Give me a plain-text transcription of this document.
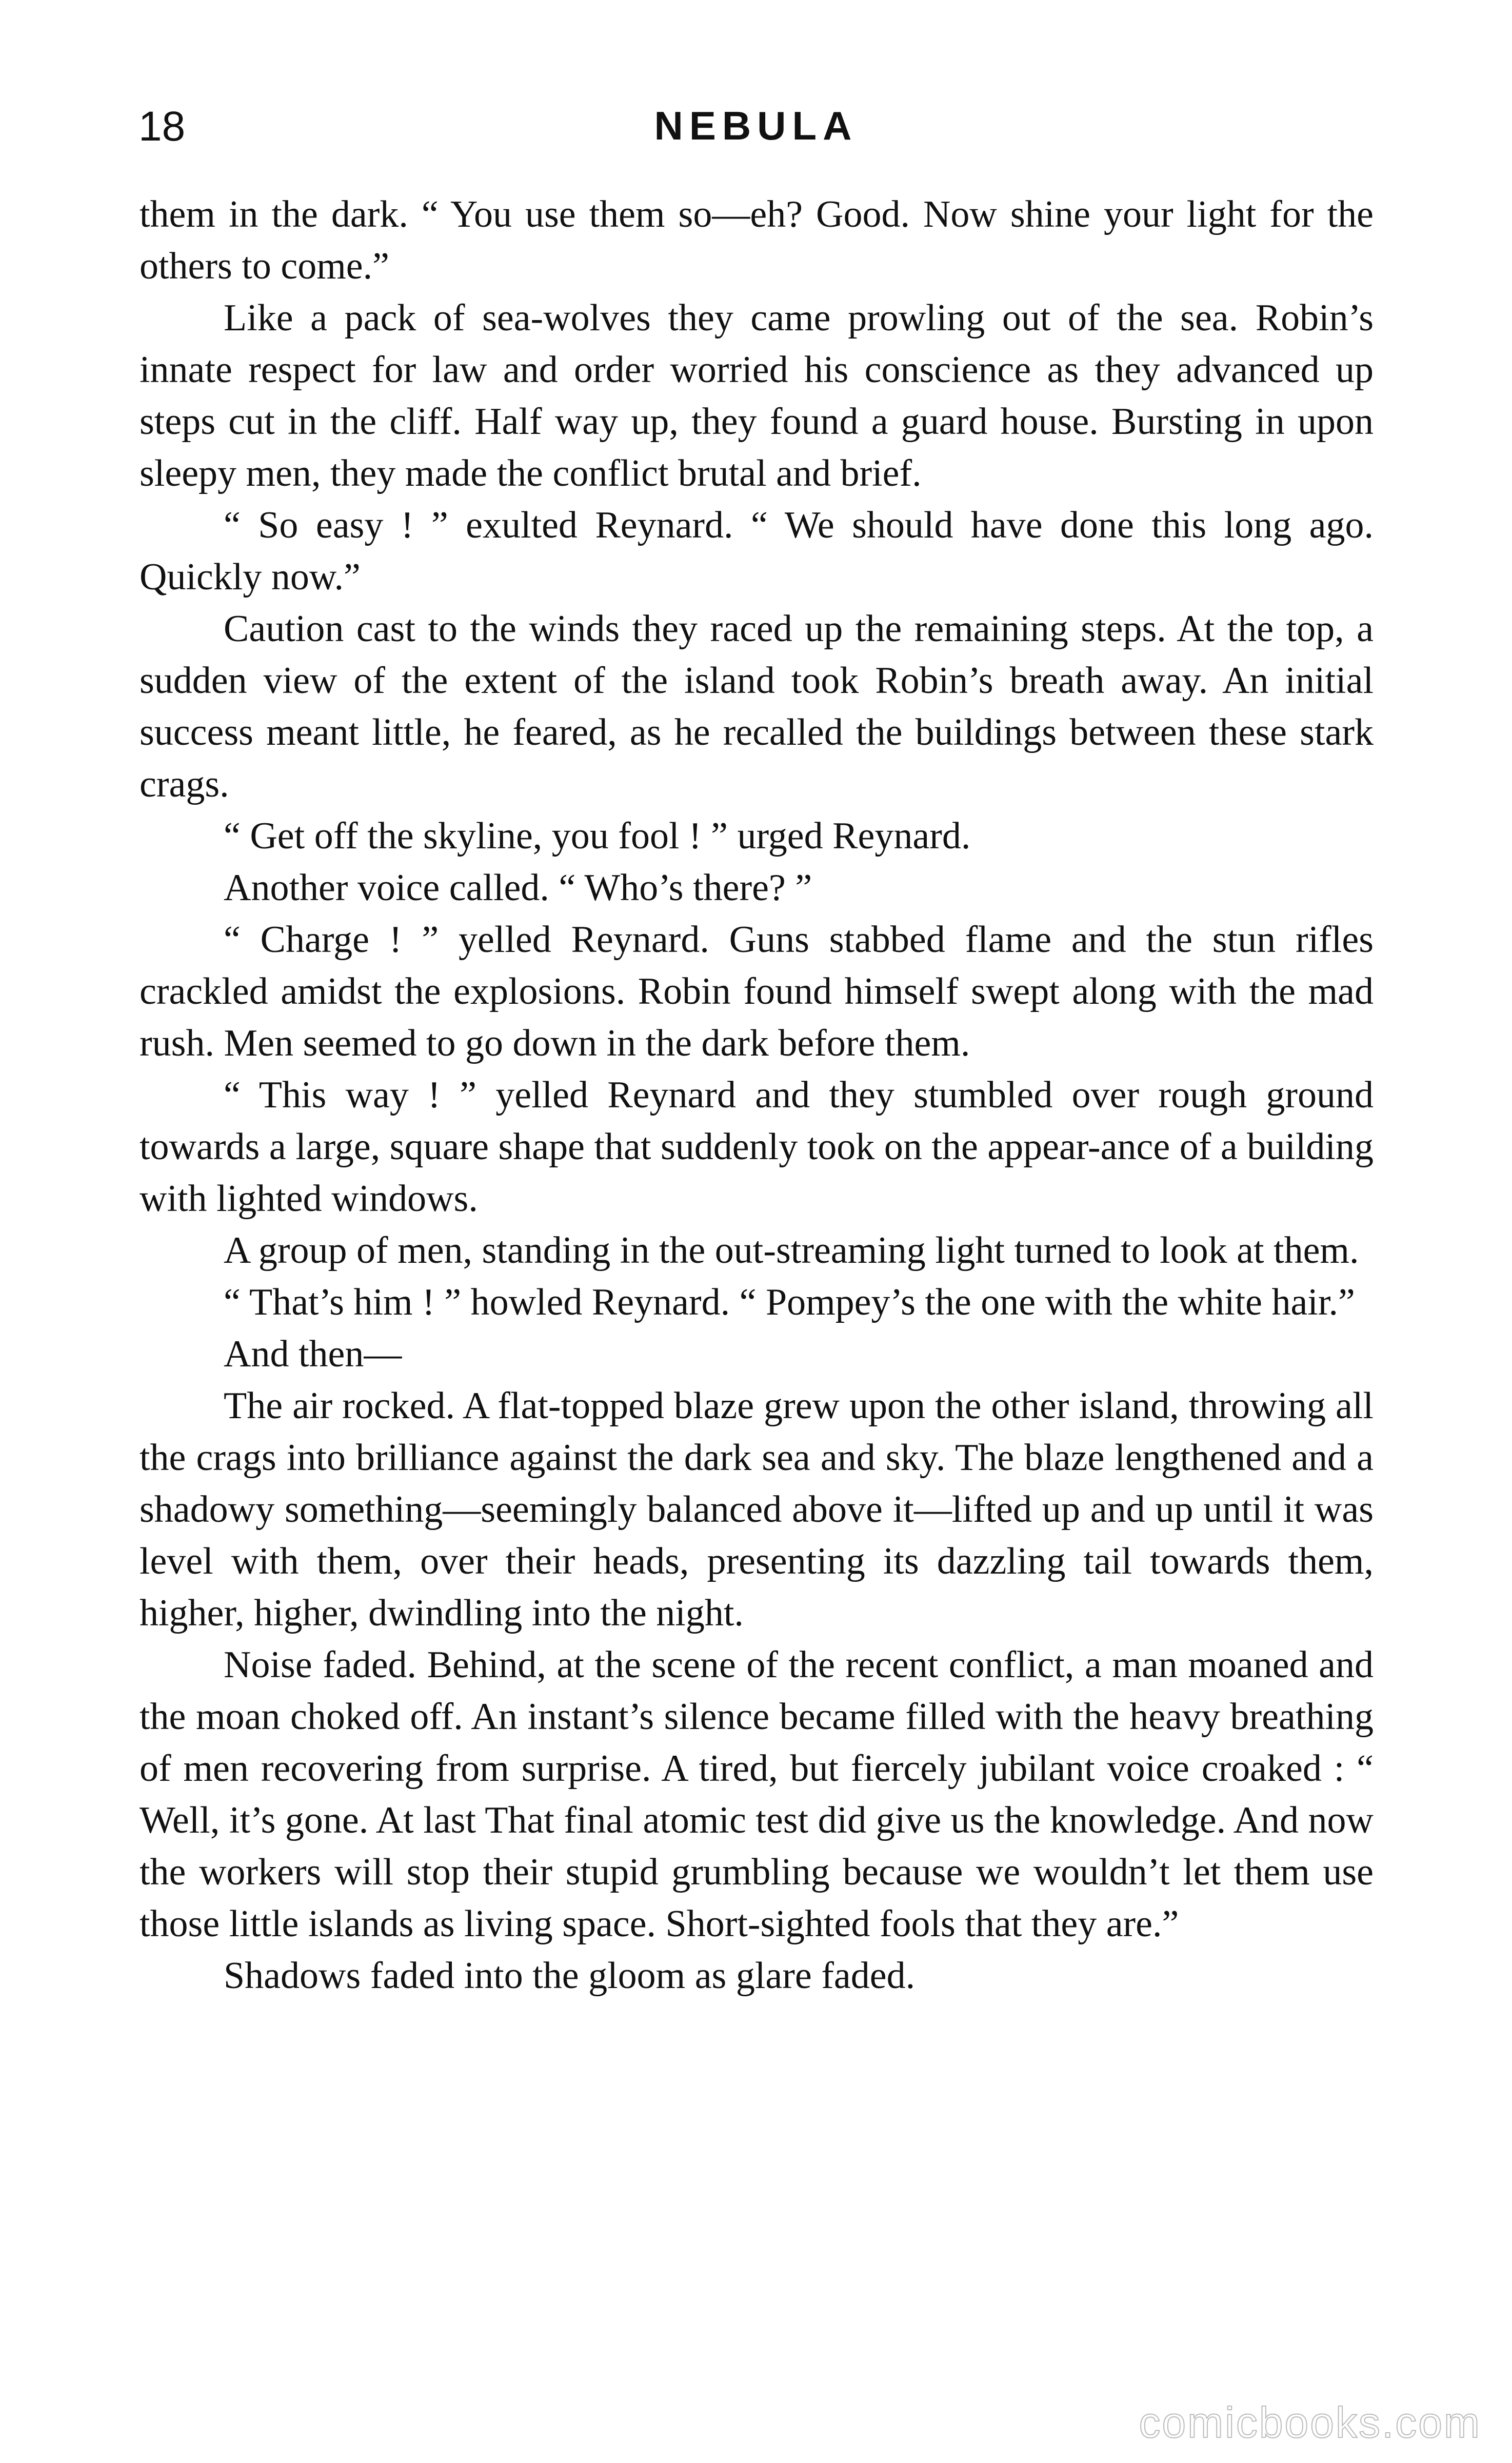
18	NEBULA

them in the dark. “ You use them so—eh? Good. Now shine your light for the others to come.”

Like a pack of sea-wolves they came prowling out of the sea. Robin’s innate respect for law and order worried his conscience as they advanced up steps cut in the cliff. Half way up, they found a guard house. Bursting in upon sleepy men, they made the conflict brutal and brief.

“ So easy ! ” exulted Reynard. “ We should have done this long ago. Quickly now.”

Caution cast to the winds they raced up the remaining steps. At the top, a sudden view of the extent of the island took Robin’s breath away. An initial success meant little, he feared, as he recalled the buildings between these stark crags.

“ Get off the skyline, you fool ! ” urged Reynard.

Another voice called. “ Who’s there? ”

“ Charge ! ” yelled Reynard. Guns stabbed flame and the stun rifles crackled amidst the explosions. Robin found himself swept along with the mad rush. Men seemed to go down in the dark before them.

“ This way ! ” yelled Reynard and they stumbled over rough ground towards a large, square shape that suddenly took on the appear-ance of a building with lighted windows.

A group of men, standing in the out-streaming light turned to look at them.

“ That’s him ! ” howled Reynard. “ Pompey’s the one with the white hair.”

And then—

The air rocked. A flat-topped blaze grew upon the other island, throwing all the crags into brilliance against the dark sea and sky. The blaze lengthened and a shadowy something—seemingly balanced above it—lifted up and up until it was level with them, over their heads, presenting its dazzling tail towards them, higher, higher, dwindling into the night.

Noise faded. Behind, at the scene of the recent conflict, a man moaned and the moan choked off. An instant’s silence became filled with the heavy breathing of men recovering from surprise. A tired, but fiercely jubilant voice croaked : “ Well, it’s gone. At last That final atomic test did give us the knowledge. And now the workers will stop their stupid grumbling because we wouldn’t let them use those little islands as living space. Short-sighted fools that they are.”

Shadows faded into the gloom as glare faded.

comicbooks.com
